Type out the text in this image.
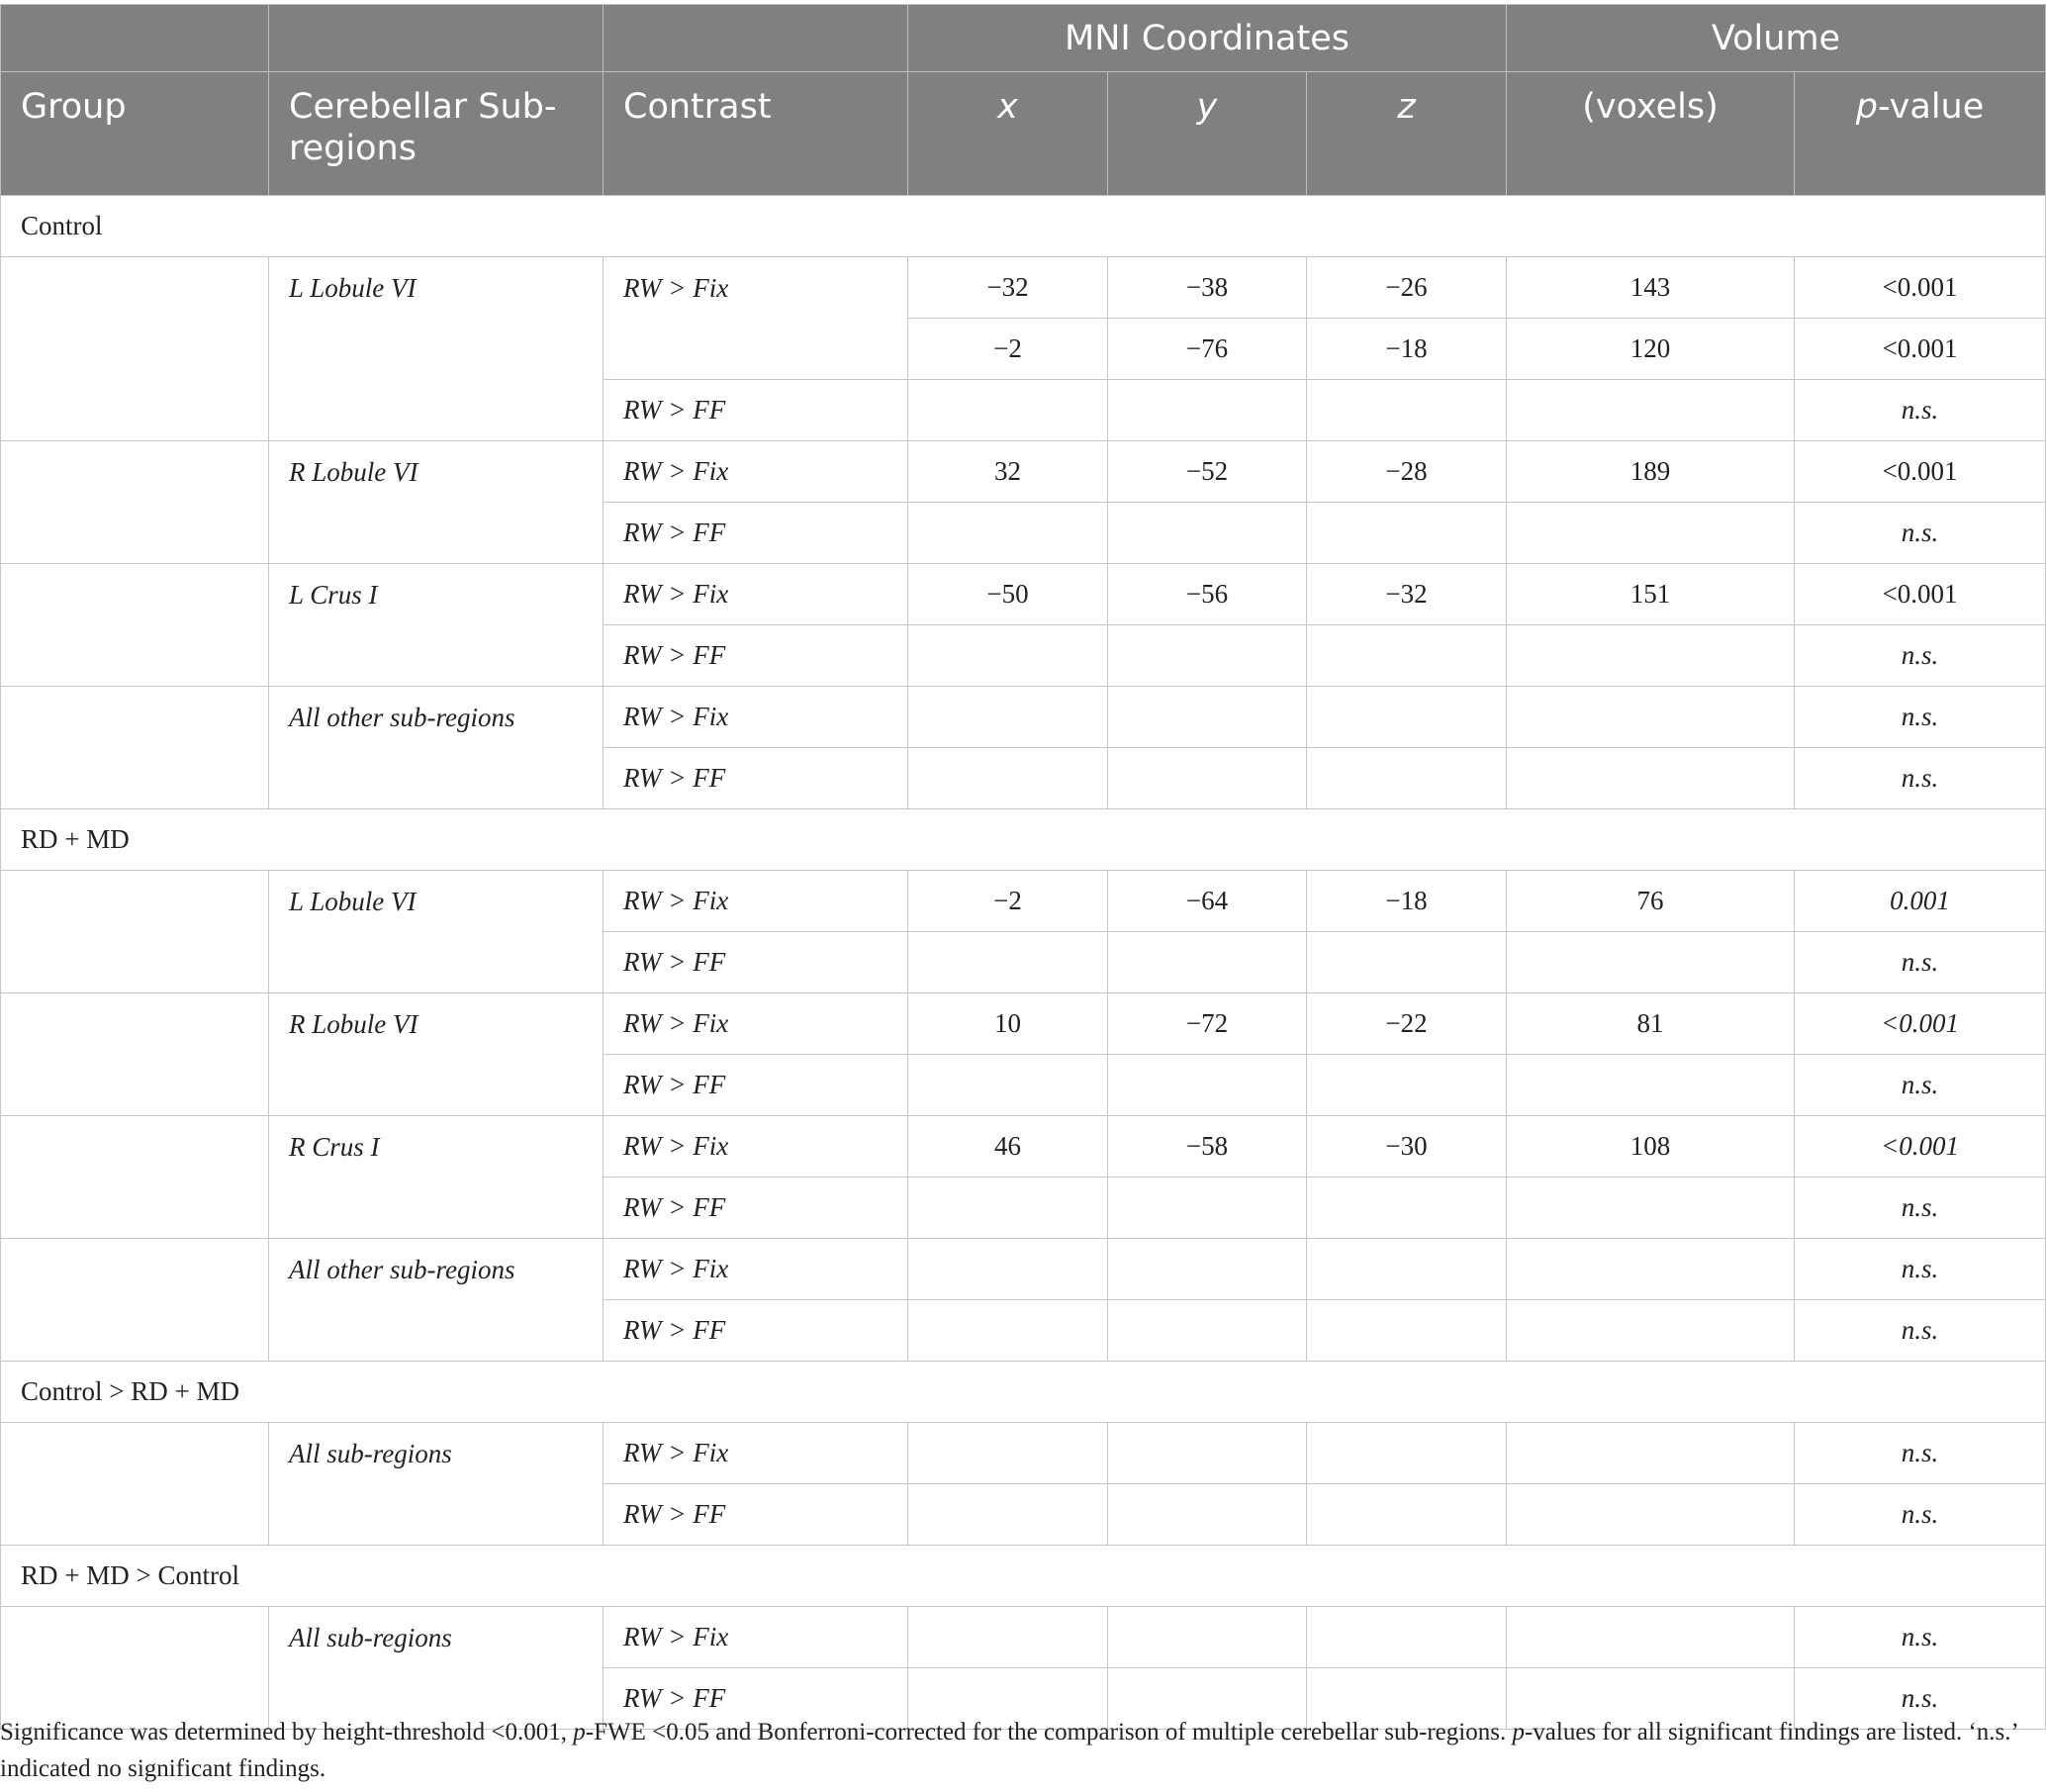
			MNI Coordinates			Volume	
Group	Cerebellar Sub-regions	Contrast	x	y	z	(voxels)	p-value
Control							
	L Lobule VI	RW > Fix	−32	−38	−26	143	<0.001
			−2	−76	−18	120	<0.001
		RW > FF					n.s.
	R Lobule VI	RW > Fix	32	−52	−28	189	<0.001
		RW > FF					n.s.
	L Crus I	RW > Fix	−50	−56	−32	151	<0.001
		RW > FF					n.s.
	All other sub-regions	RW > Fix					n.s.
		RW > FF					n.s.
RD + MD							
	L Lobule VI	RW > Fix	−2	−64	−18	76	0.001
		RW > FF					n.s.
	R Lobule VI	RW > Fix	10	−72	−22	81	<0.001
		RW > FF					n.s.
	R Crus I	RW > Fix	46	−58	−30	108	<0.001
		RW > FF					n.s.
	All other sub-regions	RW > Fix					n.s.
		RW > FF					n.s.
Control > RD + MD							
	All sub-regions	RW > Fix					n.s.
		RW > FF					n.s.
RD + MD > Control							
	All sub-regions	RW > Fix					n.s.
		RW > FF					n.s.
Significance was determined by height-threshold <0.001, p-FWE <0.05 and Bonferroni-corrected for the comparison of multiple cerebellar sub-regions. p-values for all significant findings are listed. ‘n.s.’ indicated no significant findings.
